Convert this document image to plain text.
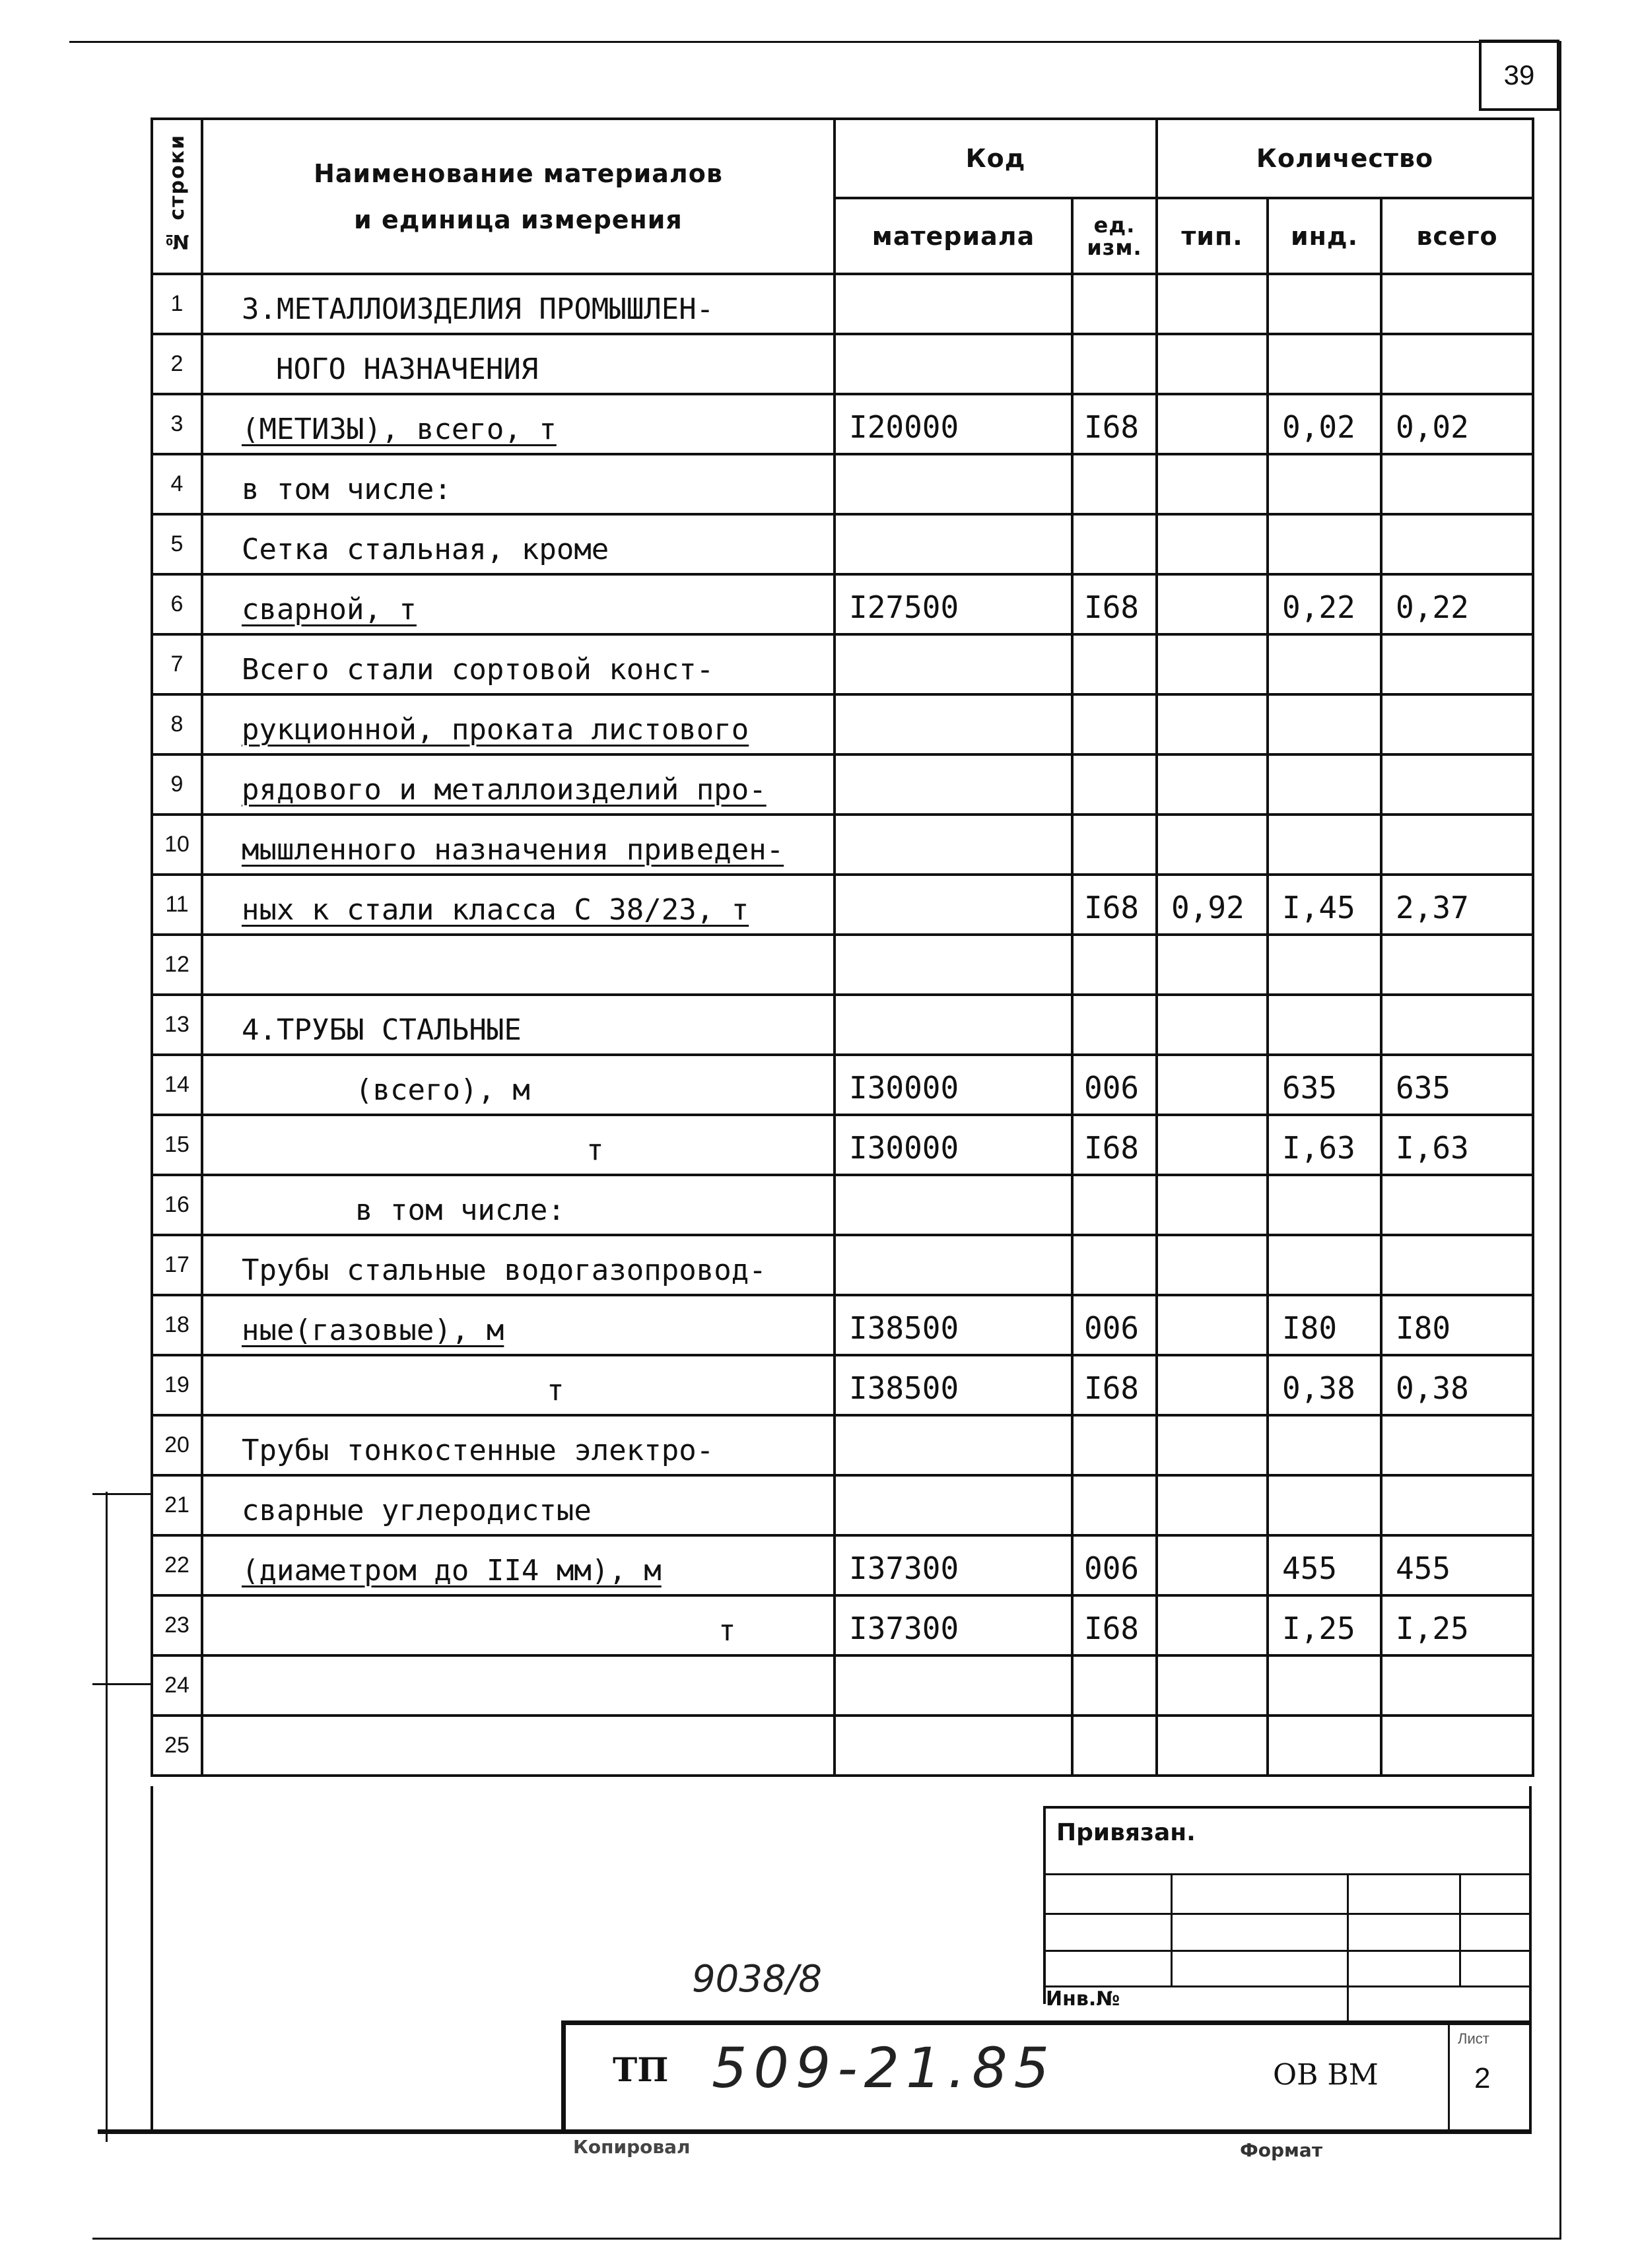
39
№ строки	Наименование материалов
и единица измерения	Код		Количество		
		материала	ед. изм.	тип.	инд.	всего
1	3.МЕТАЛЛОИЗДЕЛИЯ ПРОМЫШЛЕН-					
2	НОГО НАЗНАЧЕНИЯ					
3	(МЕТИЗЫ), всего, т	I20000	I68		0,02	0,02
4	в том числе:					
5	Сетка стальная, кроме					
6	сварной, т	I27500	I68		0,22	0,22
7	Всего стали сортовой конст-					
8	рукционной, проката листового					
9	рядового и металлоизделий про-					
10	мышленного назначения приведен-					
11	ных к стали класса С 38/23, т		I68	0,92	I,45	2,37
12						
13	4.ТРУБЫ СТАЛЬНЫЕ					
14	(всего), м	I30000	006		635	635
15	т	I30000	I68		I,63	I,63
16	в том числе:					
17	Трубы стальные водогазопровод-					
18	ные(газовые), м	I38500	006		I80	I80
19	т	I38500	I68		0,38	0,38
20	Трубы тонкостенные электро-					
21	сварные углеродистые					
22	(диаметром до II4 мм), м	I37300	006		455	455
23	т	I37300	I68		I,25	I,25
24						
25						
Привязан.
Инв.№
9038/8
ТП 509-21.85	ОВ ВМ
Лист
2
Копировал	Формат
